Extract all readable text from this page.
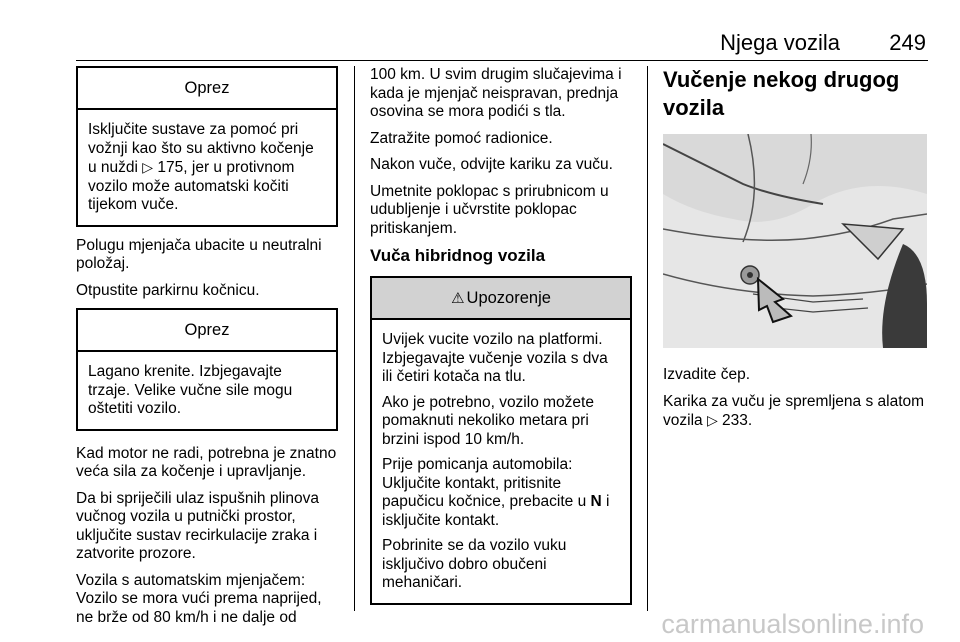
Njega vozila 249
Oprez

Isključite sustave za pomoć pri vožnji kao što su aktivno kočenje u nuždi ▷ 175, jer u protivnom vozilo može automatski kočiti tijekom vuče.

Polugu mjenjača ubacite u neutralni položaj.

Otpustite parkirnu kočnicu.

Oprez

Lagano krenite. Izbjegavajte trzaje. Velike vučne sile mogu oštetiti vozilo.

Kad motor ne radi, potrebna je znatno veća sila za kočenje i upravljanje.

Da bi spriječili ulaz ispušnih plinova vučnog vozila u putnički prostor, uključite sustav recirkulacije zraka i zatvorite prozore.

Vozila s automatskim mjenjačem: Vozilo se mora vući prema naprijed, ne brže od 80 km/h i ne dalje od

100 km. U svim drugim slučajevima i kada je mjenjač neispravan, prednja osovina se mora podići s tla.

Zatražite pomoć radionice.

Nakon vuče, odvijte kariku za vuču.

Umetnite poklopac s prirubnicom u udubljenje i učvrstite poklopac pritiskanjem.

Vuča hibridnog vozila
⚠ Upozorenje

Uvijek vucite vozilo na platformi. Izbjegavajte vučenje vozila s dva ili četiri kotača na tlu.

Ako je potrebno, vozilo možete pomaknuti nekoliko metara pri brzini ispod 10 km/h.

Prije pomicanja automobila: Uključite kontakt, pritisnite papučicu kočnice, prebacite u N i isključite kontakt.

Pobrinite se da vozilo vuku isključivo dobro obučeni mehaničari.

Vučenje nekog drugog vozila

Izvadite čep.

Karika za vuču je spremljena s alatom vozila ▷ 233.

carmanualsonline.info
